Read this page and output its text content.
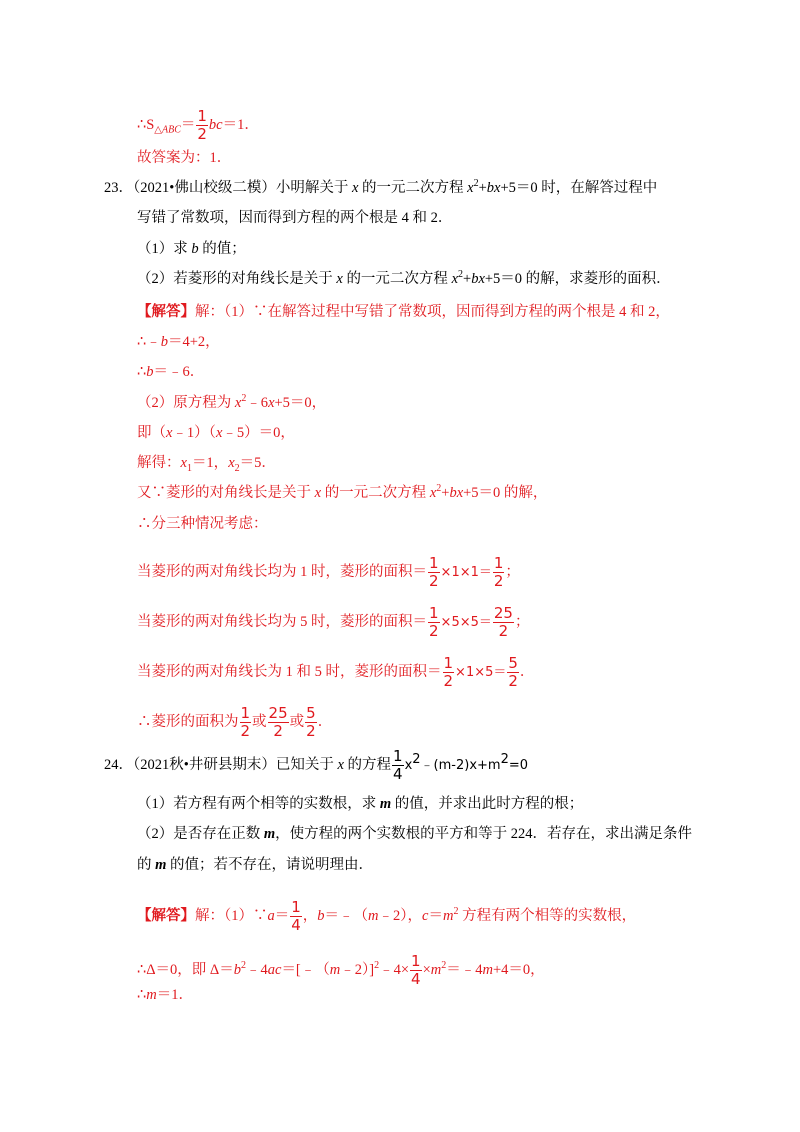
$\therefore S_{\triangle ABC}= \frac{1}{2} bc=1$．
故答案为：1．
23．（2021•佛山校级二模）小明解关于 x 的一元二次方程 $x^2+bx+5=0$ 时，在解答过程中
写错了常数项，因而得到方程的两个根是 4 和 2．
（1）求 b 的值；
（2）若菱形的对角线长是关于 x 的一元二次方程 $x^2+bx+5=0$ 的解，求菱形的面积．
【解答】解：（1）∵在解答过程中写错了常数项，因而得到方程的两个根是 4 和 2，
∴﹣b＝4+2，
∴b＝﹣6．
（2）原方程为 $x^2﹣6x+5=0$，
即（x﹣1）（x﹣5）＝0，
解得：$x_1=1$，$x_2=5$．
又∵菱形的对角线长是关于 x 的一元二次方程 $x^2+bx+5=0$ 的解，
∴分三种情况考虑：
当菱形的两对角线长均为 1 时，菱形的面积＝ $\frac{1}{2} \times 1\times 1= \frac{1}{2}$ ；
当菱形的两对角线长均为 5 时，菱形的面积＝ $\frac{1}{2} \times 5\times 5= \frac{25}{2}$ ；
当菱形的两对角线长为 1 和 5 时，菱形的面积＝ $\frac{1}{2} \times 1\times 5= \frac{5}{2}$ ．
∴菱形的面积为 $\frac{1}{2}$ 或 $\frac{25}{2}$ 或 $\frac{5}{2}$ ．
24．（2021秋•井研县期末）已知关于 x 的方程 $\frac{1}{4}$ $x^2﹣(m-2)x+m^2=0$
（1）若方程有两个相等的实数根，求 m 的值，并求出此时方程的根；
（2）是否存在正数 m，使方程的两个实数根的平方和等于 224．若存在，求出满足条件
的 m 的值；若不存在，请说明理由．
【解答】解：（1）∵a＝ $\frac{1}{4}$ ，b＝﹣（m﹣2），$c=m^2$ 方程有两个相等的实数根，
∴Δ＝0，即 $\Delta=b^2﹣4ac=[﹣(m﹣2)]^2﹣4\times \frac{1}{4}$ $\times m^2=﹣4m+4=0$，
∴m＝1．
